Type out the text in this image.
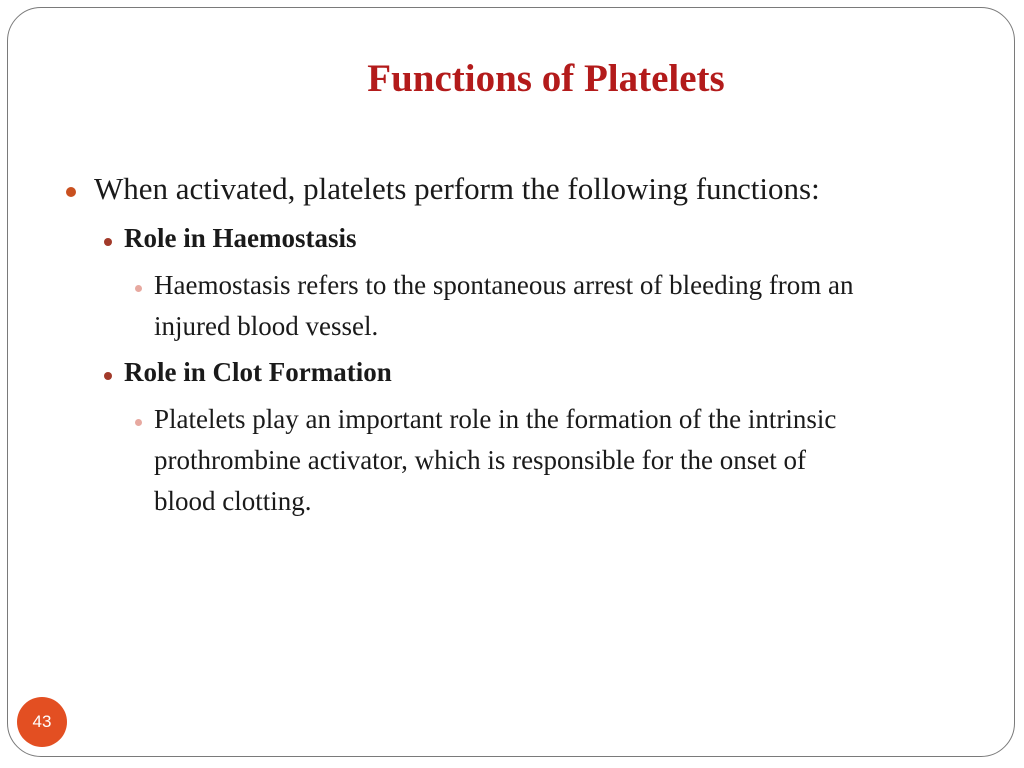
Functions of Platelets
When activated, platelets perform the following functions:
Role in Haemostasis
Haemostasis refers to the spontaneous arrest of bleeding from an
injured blood vessel.
Role in Clot Formation
Platelets play an important role in the formation of the intrinsic
prothrombine activator, which is responsible for the onset of
blood clotting.
43
